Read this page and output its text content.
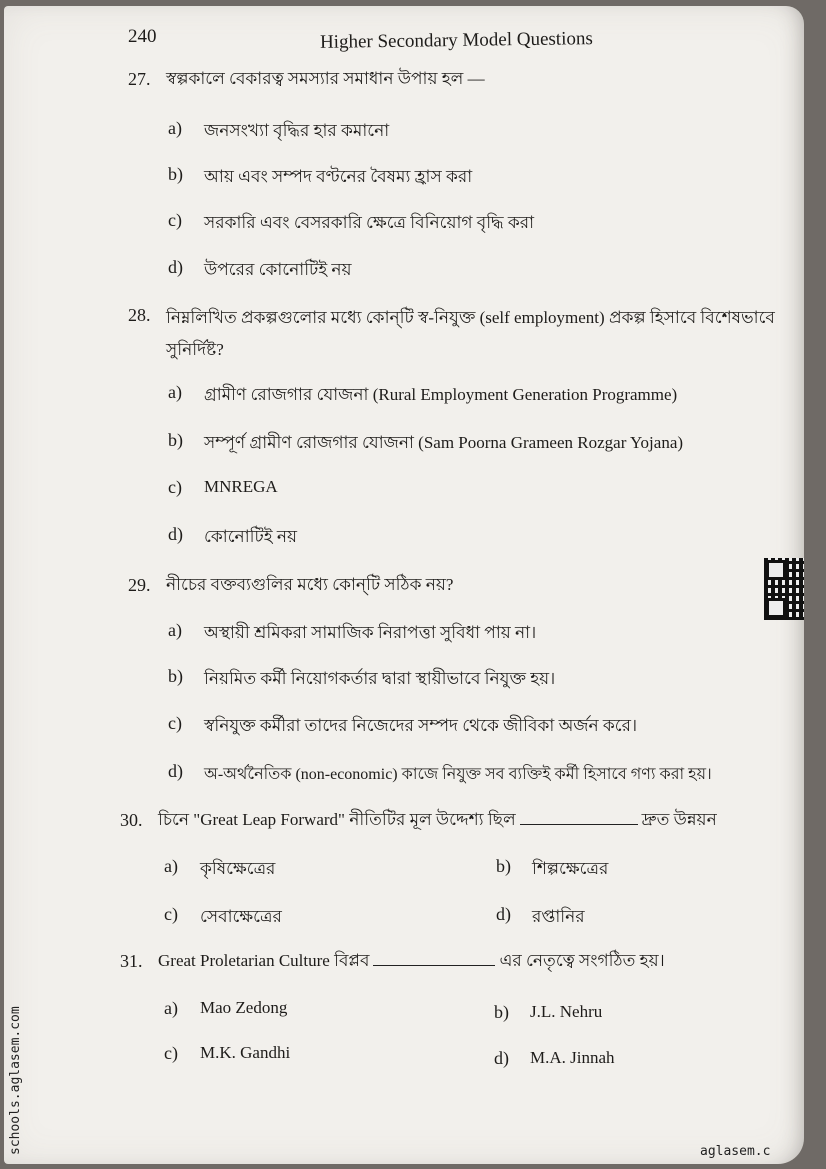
240	Higher Secondary Model Questions
27. স্বল্পকালে বেকারত্ব সমস্যার সমাধান উপায় হল —
a) জনসংখ্যা বৃদ্ধির হার কমানো
b) আয় এবং সম্পদ বণ্টনের বৈষম্য হ্রাস করা
c) সরকারি এবং বেসরকারি ক্ষেত্রে বিনিয়োগ বৃদ্ধি করা
d) উপরের কোনোটিই নয়
28. নিম্নলিখিত প্রকল্পগুলোর মধ্যে কোন্‌টি স্ব-নিযুক্ত (self employment) প্রকল্প হিসাবে বিশেষভাবে সুনির্দিষ্ট?
a) গ্রামীণ রোজগার যোজনা (Rural Employment Generation Programme)
b) সম্পূর্ণ গ্রামীণ রোজগার যোজনা (Sam Poorna Grameen Rozgar Yojana)
c) MNREGA
d) কোনোটিই নয়
29. নীচের বক্তব্যগুলির মধ্যে কোন্‌টি সঠিক নয়?
a) অস্থায়ী শ্রমিকরা সামাজিক নিরাপত্তা সুবিধা পায় না।
b) নিয়মিত কর্মী নিয়োগকর্তার দ্বারা স্থায়ীভাবে নিযুক্ত হয়।
c) স্বনিযুক্ত কর্মীরা তাদের নিজেদের সম্পদ থেকে জীবিকা অর্জন করে।
d) অ-অর্থনৈতিক (non-economic) কাজে নিযুক্ত সব ব্যক্তিই কর্মী হিসাবে গণ্য করা হয়।
30. চিনে "Great Leap Forward" নীতিটির মূল উদ্দেশ্য ছিল	দ্রুত উন্নয়ন
a) কৃষিক্ষেত্রের	b) শিল্পক্ষেত্রের
c) সেবাক্ষেত্রের	d) রপ্তানির
31. Great Proletarian Culture বিপ্লব	এর নেতৃত্বে সংগঠিত হয়।
a) Mao Zedong	b) J.L. Nehru
c) M.K. Gandhi	d) M.A. Jinnah
schools.aglasem.com	aglasem.c
